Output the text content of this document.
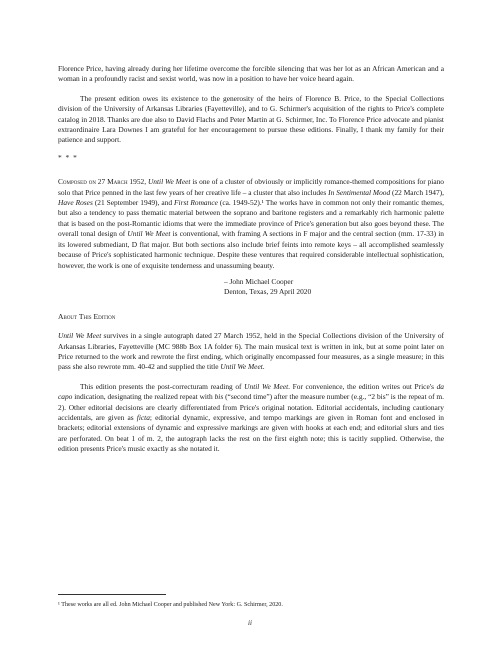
Florence Price, having already during her lifetime overcome the forcible silencing that was her lot as an African American and a woman in a profoundly racist and sexist world, was now in a position to have her voice heard again.

The present edition owes its existence to the generosity of the heirs of Florence B. Price, to the Special Collections division of the University of Arkansas Libraries (Fayetteville), and to G. Schirmer's acquisition of the rights to Price's complete catalog in 2018. Thanks are due also to David Flachs and Peter Martin at G. Schirmer, Inc. To Florence Price advocate and pianist extraordinaire Lara Downes I am grateful for her encouragement to pursue these editions. Finally, I thank my family for their patience and support.

* * *

Composed on 27 March 1952, Until We Meet is one of a cluster of obviously or implicitly romance-themed compositions for piano solo that Price penned in the last few years of her creative life – a cluster that also includes In Sentimental Mood (22 March 1947), Have Roses (21 September 1949), and First Romance (ca. 1949-52).¹ The works have in common not only their romantic themes, but also a tendency to pass thematic material between the soprano and baritone registers and a remarkably rich harmonic palette that is based on the post-Romantic idioms that were the immediate province of Price's generation but also goes beyond these. The overall tonal design of Until We Meet is conventional, with framing A sections in F major and the central section (mm. 17-33) in its lowered submediant, D flat major. But both sections also include brief feints into remote keys – all accomplished seamlessly because of Price's sophisticated harmonic technique. Despite these ventures that required considerable intellectual sophistication, however, the work is one of exquisite tenderness and unassuming beauty.

– John Michael Cooper
Denton, Texas, 29 April 2020
About This Edition

Until We Meet survives in a single autograph dated 27 March 1952, held in the Special Collections division of the University of Arkansas Libraries, Fayetteville (MC 988b Box 1A folder 6). The main musical text is written in ink, but at some point later on Price returned to the work and rewrote the first ending, which originally encompassed four measures, as a single measure; in this pass she also rewrote mm. 40-42 and supplied the title Until We Meet.

This edition presents the post-correcturam reading of Until We Meet. For convenience, the edition writes out Price's da capo indication, designating the realized repeat with bis (“second time”) after the measure number (e.g., “2 bis” is the repeat of m. 2). Other editorial decisions are clearly differentiated from Price's original notation. Editorial accidentals, including cautionary accidentals, are given as ficta; editorial dynamic, expressive, and tempo markings are given in Roman font and enclosed in brackets; editorial extensions of dynamic and expressive markings are given with hooks at each end; and editorial slurs and ties are perforated. On beat 1 of m. 2, the autograph lacks the rest on the first eighth note; this is tacitly supplied. Otherwise, the edition presents Price's music exactly as she notated it.

¹ These works are all ed. John Michael Cooper and published New York: G. Schirmer, 2020.
ii
